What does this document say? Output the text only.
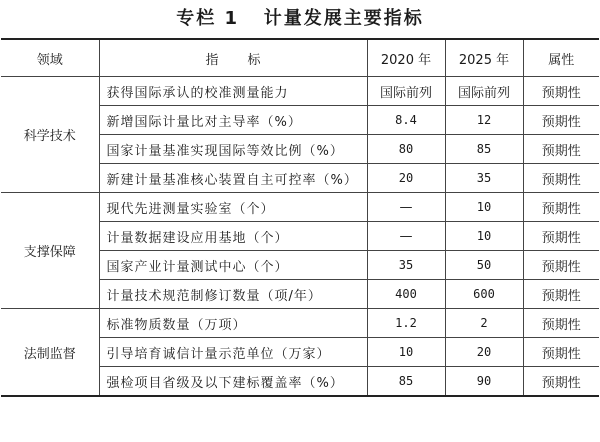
专栏 1   计量发展主要指标
领域	指       标	2020 年	2025 年	属性
科学技术	获得国际承认的校准测量能力	国际前列	国际前列	预期性
	新增国际计量比对主导率（%）	8.4	12	预期性
	国家计量基准实现国际等效比例（%）	80	85	预期性
	新建计量基准核心装置自主可控率（%）	20	35	预期性
支撑保障	现代先进测量实验室（个）	—	10	预期性
	计量数据建设应用基地（个）	—	10	预期性
	国家产业计量测试中心（个）	35	50	预期性
	计量技术规范制修订数量（项/年）	400	600	预期性
法制监督	标准物质数量（万项）	1.2	2	预期性
	引导培育诚信计量示范单位（万家）	10	20	预期性
	强检项目省级及以下建标覆盖率（%）	85	90	预期性
